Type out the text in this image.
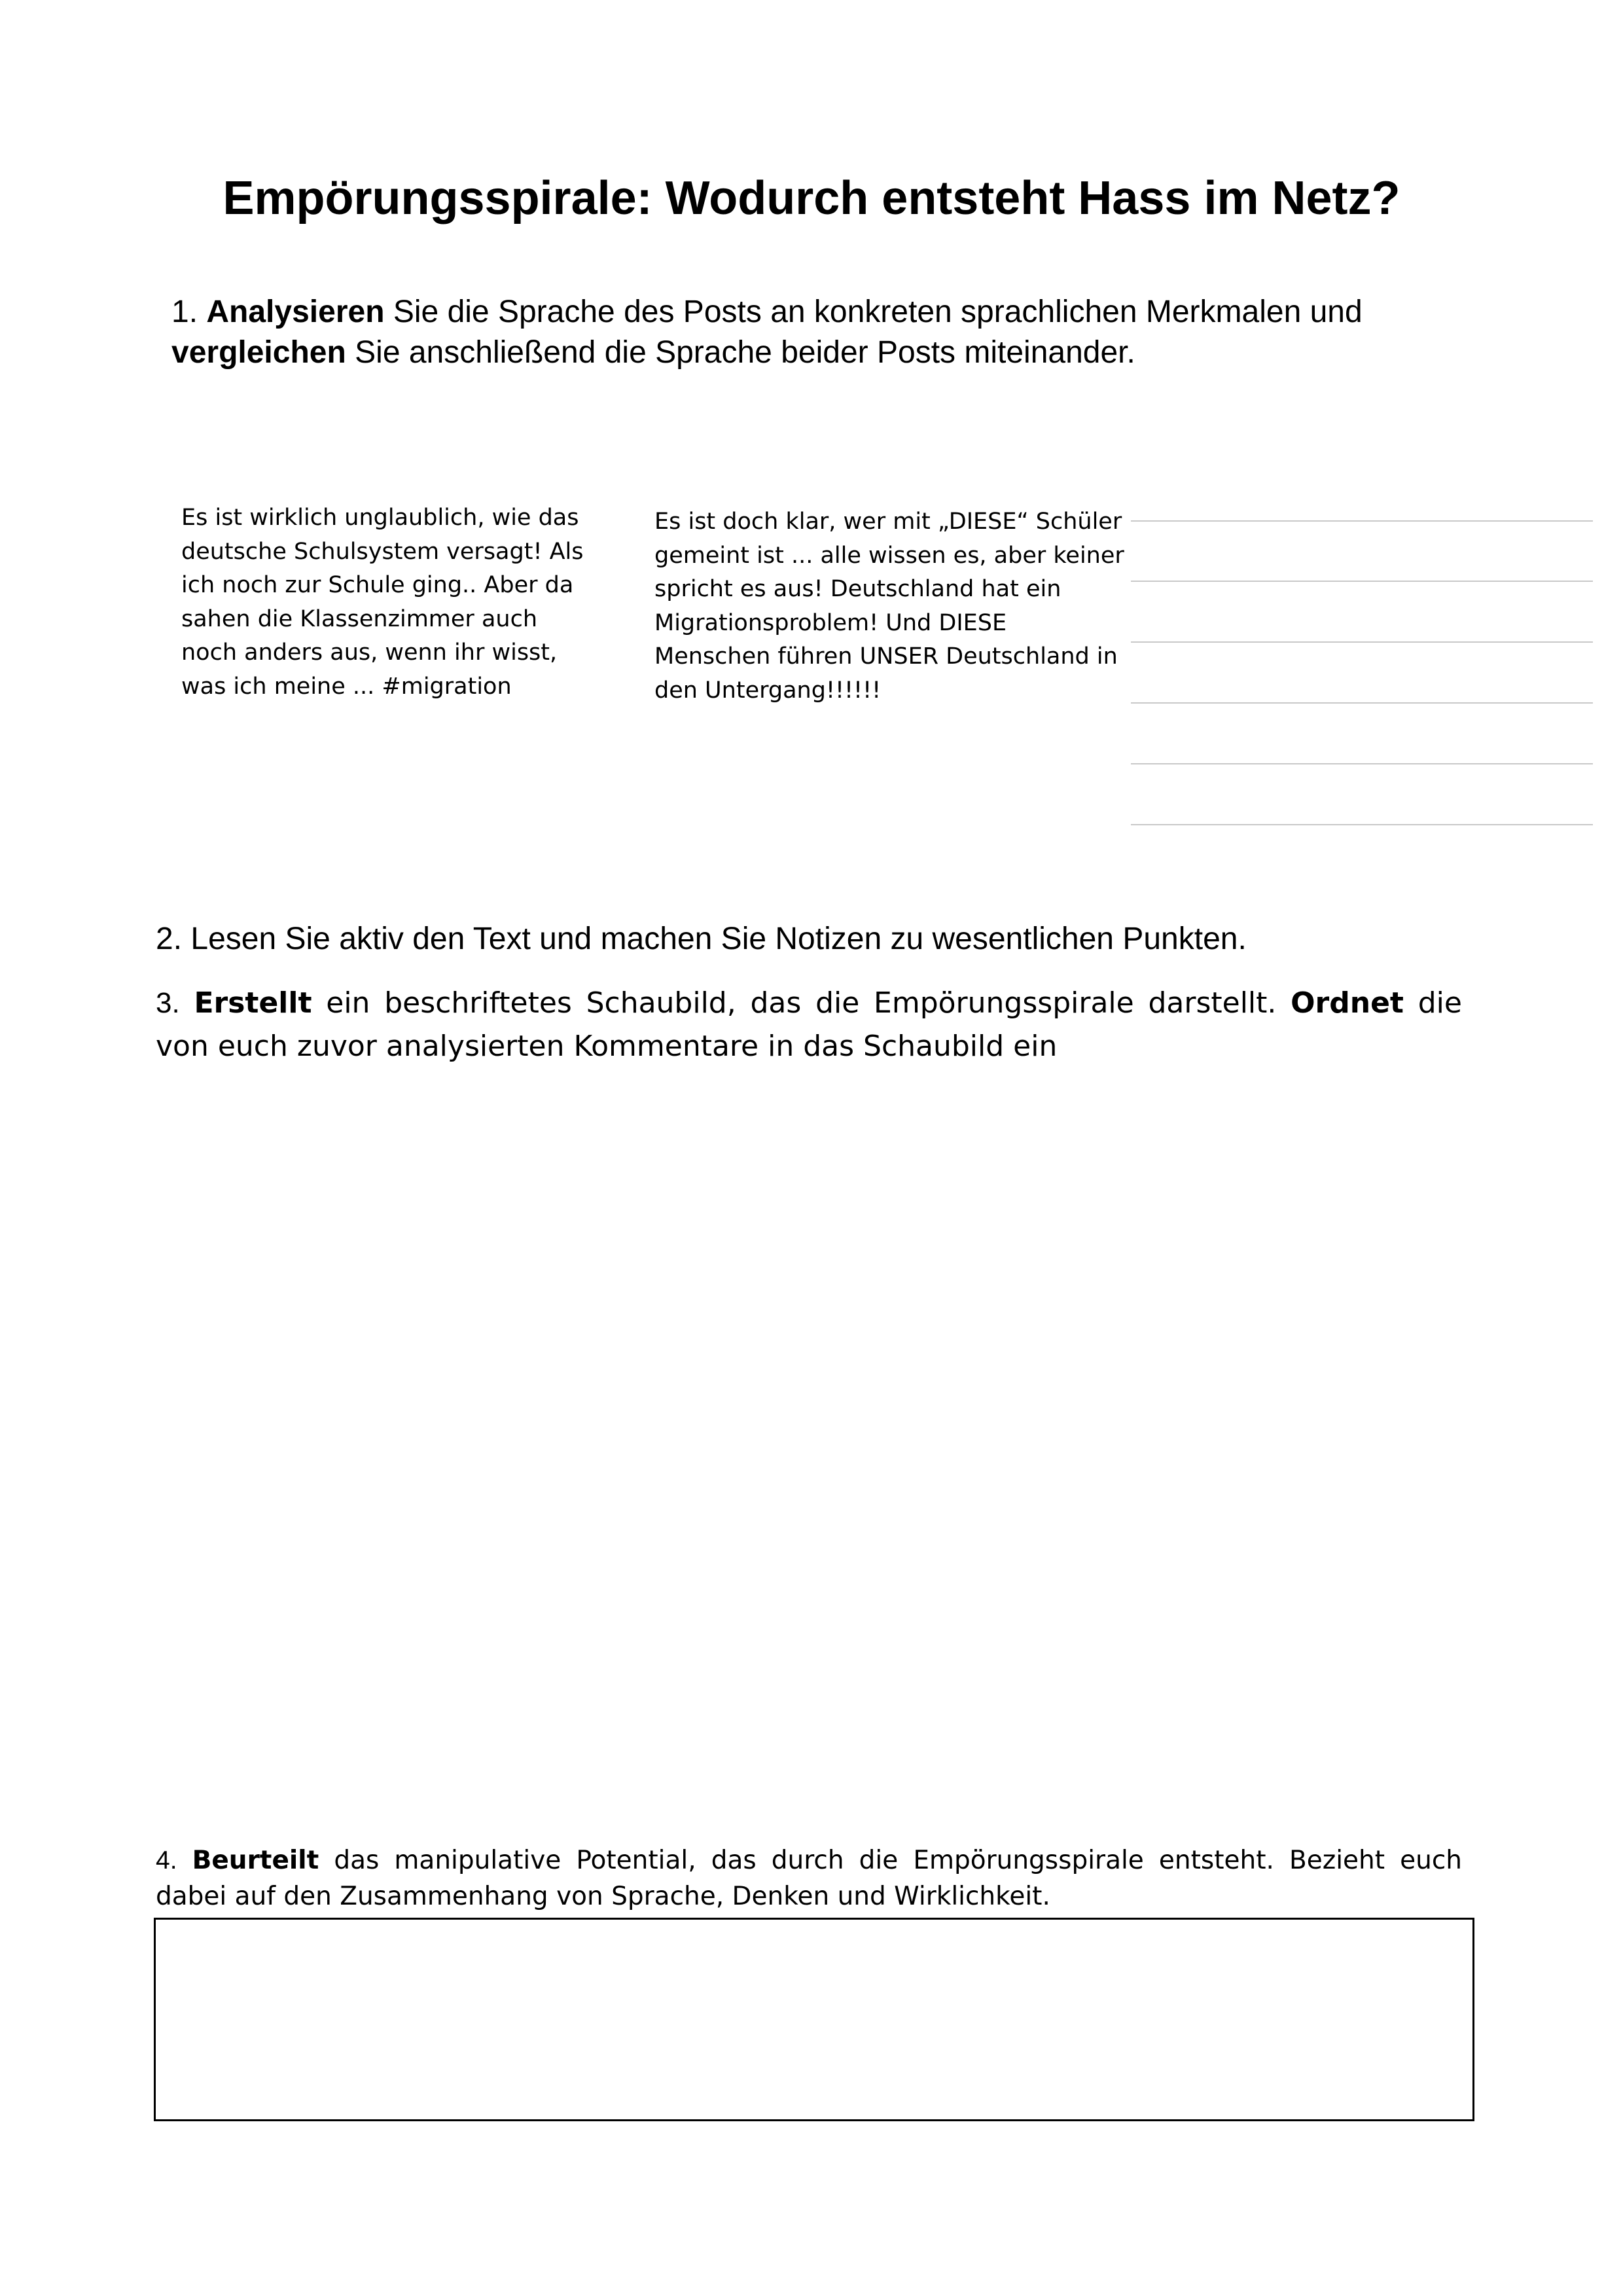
Empörungsspirale: Wodurch entsteht Hass im Netz?
1. Analysieren Sie die Sprache des Posts an konkreten sprachlichen Merkmalen und vergleichen Sie anschließend die Sprache beider Posts miteinander.
Es ist wirklich unglaublich, wie das deutsche Schulsystem versagt! Als ich noch zur Schule ging.. Aber da sahen die Klassenzimmer auch noch anders aus, wenn ihr wisst, was ich meine ... #migration
Es ist doch klar, wer mit „DIESE“ Schüler gemeint ist ... alle wissen es, aber keiner spricht es aus! Deutschland hat ein Migrationsproblem! Und DIESE Menschen führen UNSER Deutschland in den Untergang!!!!!!
2. Lesen Sie aktiv den Text und machen Sie Notizen zu wesentlichen Punkten.
3. Erstellt ein beschriftetes Schaubild, das die Empörungsspirale darstellt. Ordnet die von euch zuvor analysierten Kommentare in das Schaubild ein
4. Beurteilt das manipulative Potential, das durch die Empörungsspirale entsteht. Bezieht euch dabei auf den Zusammenhang von Sprache, Denken und Wirklichkeit.
